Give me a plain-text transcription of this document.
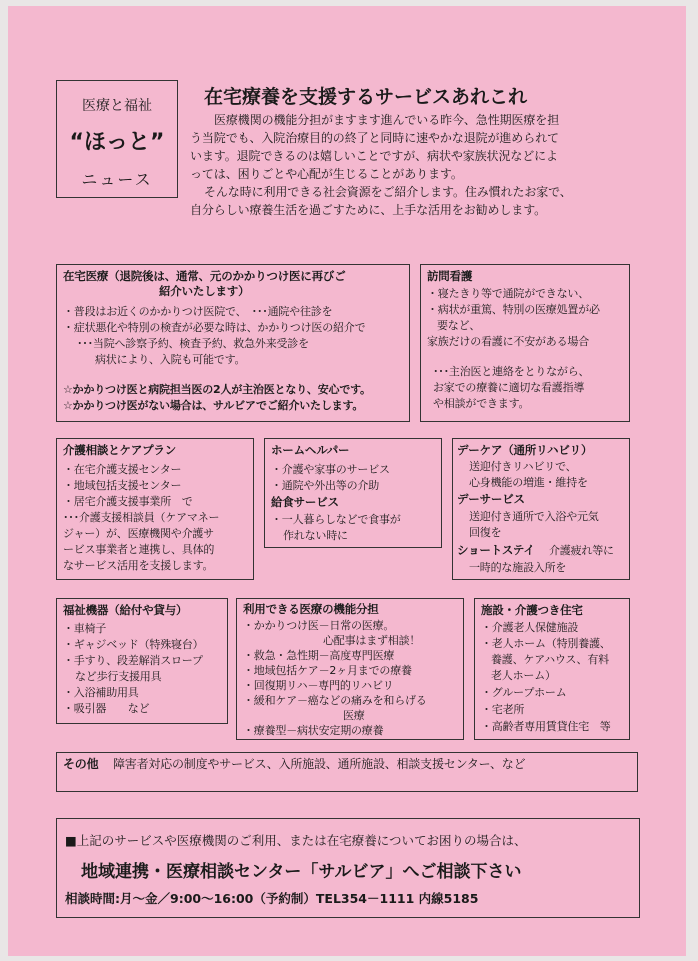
医療と福祉
“ほっと”
ニュース
在宅療養を支援するサービスあれこれ
医療機関の機能分担がますます進んでいる昨今、急性期医療を担
う当院でも、入院治療目的の終了と同時に速やかな退院が進められて
います。退院できるのは嬉しいことですが、病状や家族状況などによ
っては、困りごとや心配が生じることがあります。
そんな時に利用できる社会資源をご紹介します。住み慣れたお家で、
自分らしい療養生活を過ごすために、上手な活用をお勧めします。
在宅医療（退院後は、通常、元のかかりつけ医に再びご
紹介いたします）
・普段はお近くのかかりつけ医院で、　･･･通院や往診を
・症状悪化や特別の検査が必要な時は、かかりつけ医の紹介で
･･･当院へ診察予約、検査予約、救急外来受診を
病状により、入院も可能です。
☆かかりつけ医と病院担当医の2人が主治医となり、安心です。
☆かかりつけ医がない場合は、サルビアでご紹介いたします。
訪問看護
・寝たきり等で通院ができない、
・病状が重篤、特別の医療処置が必
要など、
家族だけの看護に不安がある場合
･･･主治医と連絡をとりながら、
お家での療養に適切な看護指導
や相談ができます。
介護相談とケアプラン
・在宅介護支援センター
・地域包括支援センター
・居宅介護支援事業所　で
･･･介護支援相談員（ケアマネー
ジャー）が、医療機関や介護サ
ービス事業者と連携し、具体的
なサービス活用を支援します。
ホームヘルパー
・介護や家事のサービス
・通院や外出等の介助
給食サービス
・一人暮らしなどで食事が
作れない時に
デーケア（通所リハビリ）
送迎付きリハビリで、
心身機能の増進・維持を
デーサービス
送迎付き通所で入浴や元気
回復を
ショートステイ 介護疲れ等に
一時的な施設入所を
福祉機器（給付や貸与）
・車椅子
・ギャジベッド（特殊寝台）
・手すり、段差解消スロープ
など歩行支援用具
・入浴補助用具
・吸引器　　など
利用できる医療の機能分担
・かかりつけ医－日常の医療。
心配事はまず相談！
・救急・急性期－高度専門医療
・地域包括ケア－2ヶ月までの療養
・回復期リハ－専門的リハビリ
・緩和ケア－癌などの痛みを和らげる
医療
・療養型－病状安定期の療養
施設・介護つき住宅
・介護老人保健施設
・老人ホーム（特別養護、
養護、ケアハウス、有料
老人ホーム）
・グループホーム
・宅老所
・高齢者専用賃貸住宅　等
その他 障害者対応の制度やサービス、入所施設、通所施設、相談支援センター、など
■上記のサービスや医療機関のご利用、または在宅療養についてお困りの場合は、
地域連携・医療相談センター「サルビア」へご相談下さい
相談時間:月～金／9:00～16:00（予約制）TEL354－1111 内線5185
